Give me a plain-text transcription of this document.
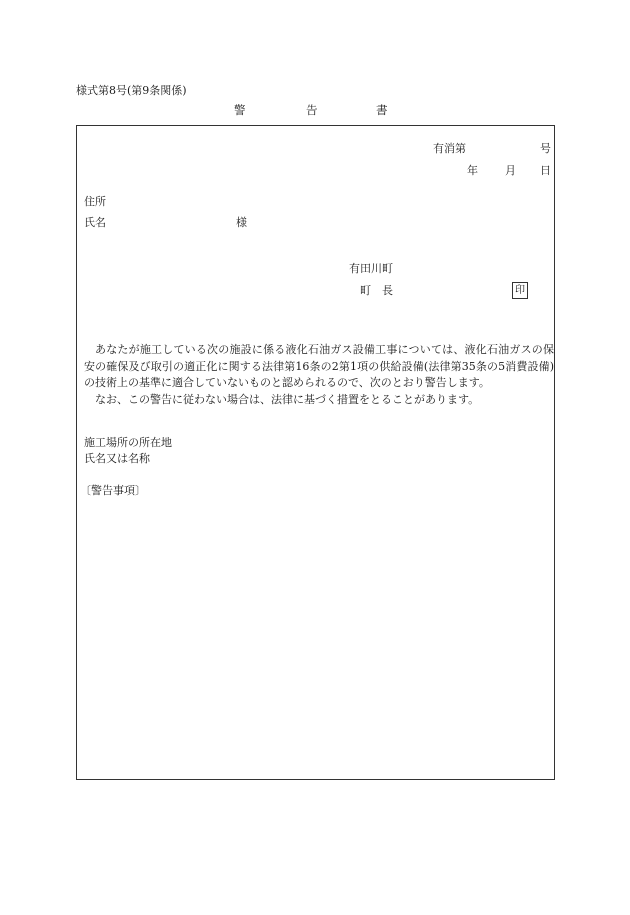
様式第8号(第9条関係)
警	告	書
有消第	号
年 月 日
住所
氏名	様
有田川町
町 長	印

あなたが施工している次の施設に係る液化石油ガス設備工事については、液化石油ガスの保安の確保及び取引の適正化に関する法律第16条の2第1項の供給設備(法律第35条の5消費設備)の技術上の基準に適合していないものと認められるので、次のとおり警告します。

なお、この警告に従わない場合は、法律に基づく措置をとることがあります。

施工場所の所在地
氏名又は名称
〔警告事項〕
